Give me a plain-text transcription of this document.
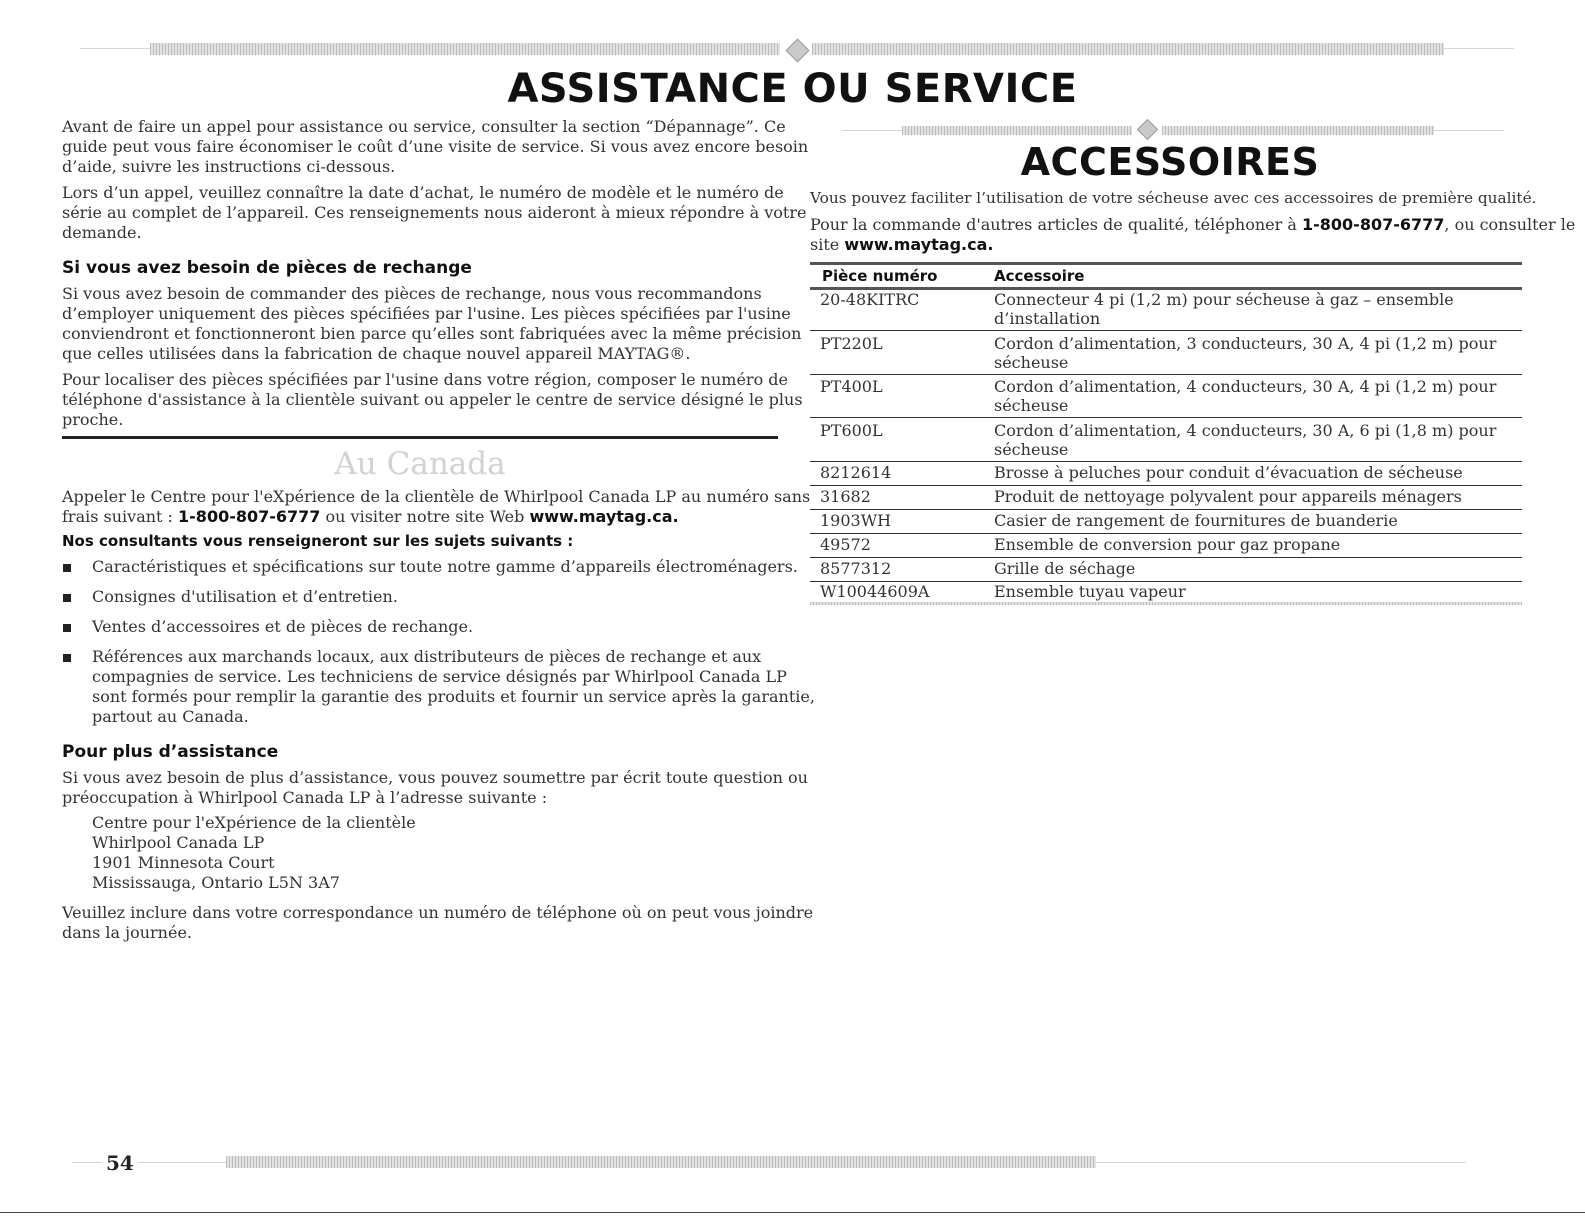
ASSISTANCE OU SERVICE
Avant de faire un appel pour assistance ou service, consulter la section “Dépannage”. Ce
guide peut vous faire économiser le coût d’une visite de service. Si vous avez encore besoin
d’aide, suivre les instructions ci-dessous.
Lors d’un appel, veuillez connaître la date d’achat, le numéro de modèle et le numéro de
série au complet de l’appareil. Ces renseignements nous aideront à mieux répondre à votre
demande.
Si vous avez besoin de pièces de rechange
Si vous avez besoin de commander des pièces de rechange, nous vous recommandons
d’employer uniquement des pièces spécifiées par l'usine. Les pièces spécifiées par l'usine
conviendront et fonctionneront bien parce qu’elles sont fabriquées avec la même précision
que celles utilisées dans la fabrication de chaque nouvel appareil MAYTAG®.
Pour localiser des pièces spécifiées par l'usine dans votre région, composer le numéro de
téléphone d'assistance à la clientèle suivant ou appeler le centre de service désigné le plus
proche.
Au Canada
Appeler le Centre pour l'eXpérience de la clientèle de Whirlpool Canada LP au numéro sans
frais suivant : 1-800-807-6777 ou visiter notre site Web www.maytag.ca.
Nos consultants vous renseigneront sur les sujets suivants :
Caractéristiques et spécifications sur toute notre gamme d’appareils électroménagers.
Consignes d'utilisation et d’entretien.
Ventes d’accessoires et de pièces de rechange.
Références aux marchands locaux, aux distributeurs de pièces de rechange et aux
compagnies de service. Les techniciens de service désignés par Whirlpool Canada LP
sont formés pour remplir la garantie des produits et fournir un service après la garantie,
partout au Canada.
Pour plus d’assistance
Si vous avez besoin de plus d’assistance, vous pouvez soumettre par écrit toute question ou
préoccupation à Whirlpool Canada LP à l’adresse suivante :
Centre pour l'eXpérience de la clientèle
Whirlpool Canada LP
1901 Minnesota Court
Mississauga, Ontario L5N 3A7
Veuillez inclure dans votre correspondance un numéro de téléphone où on peut vous joindre
dans la journée.
ACCESSOIRES
Vous pouvez faciliter l’utilisation de votre sécheuse avec ces accessoires de première qualité.
Pour la commande d'autres articles de qualité, téléphoner à 1-800-807-6777, ou consulter le
site www.maytag.ca.
Pièce numéro	Accessoire
20-48KITRC	Connecteur 4 pi (1,2 m) pour sécheuse à gaz – ensemble
d’installation
PT220L	Cordon d’alimentation, 3 conducteurs, 30 A, 4 pi (1,2 m) pour
sécheuse
PT400L	Cordon d’alimentation, 4 conducteurs, 30 A, 4 pi (1,2 m) pour
sécheuse
PT600L	Cordon d’alimentation, 4 conducteurs, 30 A, 6 pi (1,8 m) pour
sécheuse
8212614	Brosse à peluches pour conduit d’évacuation de sécheuse
31682	Produit de nettoyage polyvalent pour appareils ménagers
1903WH	Casier de rangement de fournitures de buanderie
49572	Ensemble de conversion pour gaz propane
8577312	Grille de séchage
W10044609A	Ensemble tuyau vapeur
54
